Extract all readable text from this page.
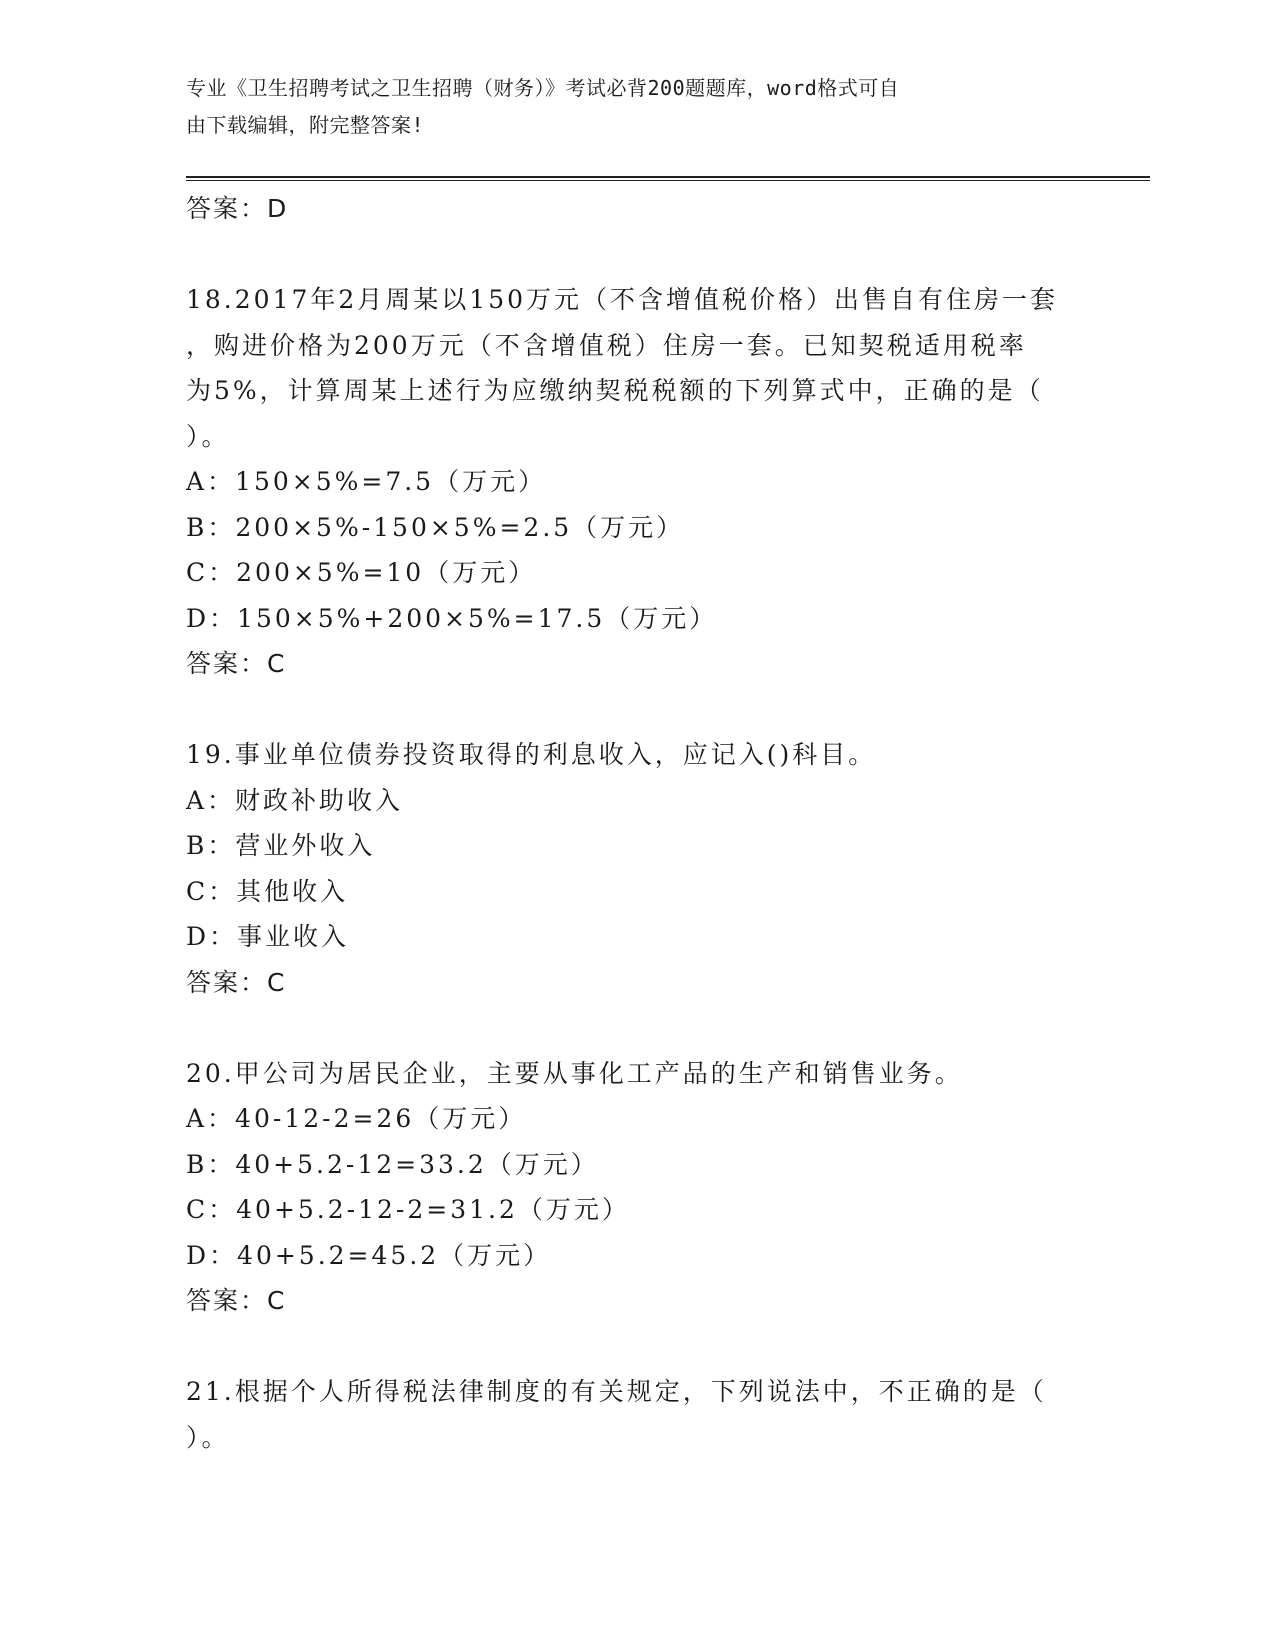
专业《卫生招聘考试之卫生招聘（财务）》考试必背200题题库，word格式可自
由下载编辑，附完整答案!
答案：D
18.2017年2月周某以150万元（不含增值税价格）出售自有住房一套
，购进价格为200万元（不含增值税）住房一套。已知契税适用税率
为5%，计算周某上述行为应缴纳契税税额的下列算式中，正确的是（
）。
A：150×5%=7.5（万元）
B：200×5%-150×5%=2.5（万元）
C：200×5%=10（万元）
D：150×5%+200×5%=17.5（万元）
答案：C
19.事业单位债券投资取得的利息收入，应记入()科目。
A：财政补助收入
B：营业外收入
C：其他收入
D：事业收入
答案：C
20.甲公司为居民企业，主要从事化工产品的生产和销售业务。
A：40-12-2=26（万元）
B：40+5.2-12=33.2（万元）
C：40+5.2-12-2=31.2（万元）
D：40+5.2=45.2（万元）
答案：C
21.根据个人所得税法律制度的有关规定，下列说法中，不正确的是（
）。
